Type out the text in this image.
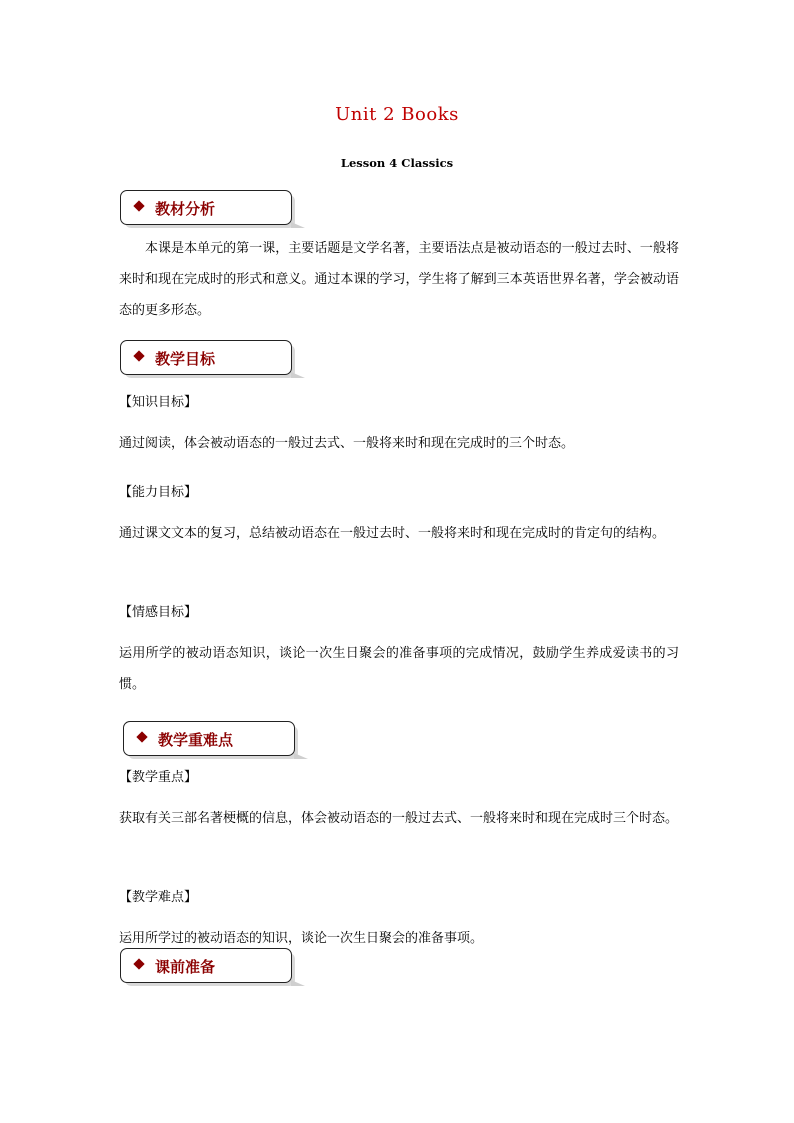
Unit 2 Books
Lesson 4 Classics
教材分析
本课是本单元的第一课，主要话题是文学名著，主要语法点是被动语态的一般过去时、一般将来时和现在完成时的形式和意义。通过本课的学习，学生将了解到三本英语世界名著，学会被动语态的更多形态。
教学目标
【知识目标】
通过阅读，体会被动语态的一般过去式、一般将来时和现在完成时的三个时态。
【能力目标】
通过课文文本的复习，总结被动语态在一般过去时、一般将来时和现在完成时的肯定句的结构。
【情感目标】
运用所学的被动语态知识，谈论一次生日聚会的准备事项的完成情况，鼓励学生养成爱读书的习惯。
教学重难点
【教学重点】
获取有关三部名著梗概的信息，体会被动语态的一般过去式、一般将来时和现在完成时三个时态。
【教学难点】
运用所学过的被动语态的知识，谈论一次生日聚会的准备事项。
课前准备
